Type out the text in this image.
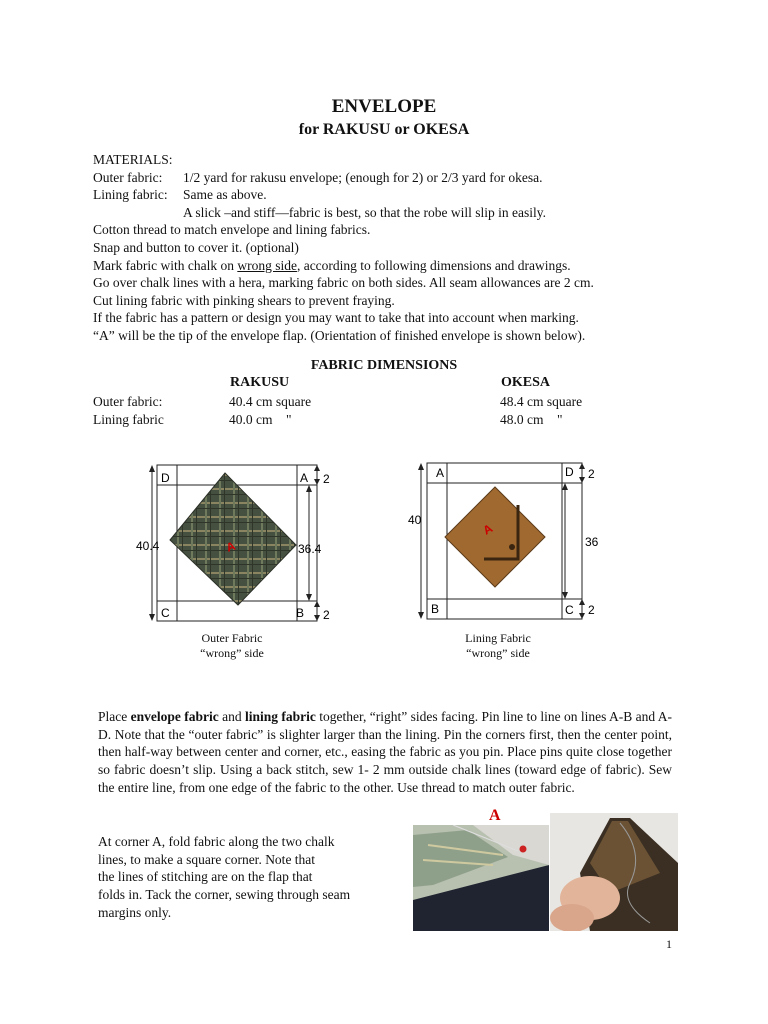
ENVELOPE
for RAKUSU or OKESA
MATERIALS:
Outer fabric: 1/2 yard for rakusu envelope; (enough for 2) or 2/3 yard for okesa.
Lining fabric: Same as above.
A slick –and stiff—fabric is best, so that the robe will slip in easily.
Cotton thread to match envelope and lining fabrics.
Snap and button to cover it. (optional)
Mark fabric with chalk on wrong side, according to following dimensions and drawings.
Go over chalk lines with a hera, marking fabric on both sides. All seam allowances are 2 cm.
Cut lining fabric with pinking shears to prevent fraying.
If the fabric has a pattern or design you may want to take that into account when marking.
“A” will be the tip of the envelope flap. (Orientation of finished envelope is shown below).
FABRIC DIMENSIONS
RAKUSU	OKESA
Outer fabric:	40.4 cm square	48.4 cm square
Lining fabric	40.0 cm    "	48.0 cm    "
A
D	A
C	B
40.4	36.4
2
2
Outer Fabric
“wrong” side
A
A	D
B	C
40
36
2
2
Lining Fabric
“wrong” side
Place envelope fabric and lining fabric together, “right” sides facing. Pin line to line on lines A-B and A-D. Note that the “outer fabric” is slighter larger than the lining. Pin the corners first, then the center point, then half-way between center and corner, etc., easing the fabric as you pin. Place pins quite close together so fabric doesn’t slip. Using a back stitch, sew 1- 2 mm outside chalk lines (toward edge of fabric). Sew the entire line, from one edge of the fabric to the other. Use thread to match outer fabric.
At corner A, fold fabric along the two chalk
lines, to make a square corner. Note that
the lines of stitching are on the flap that
folds in. Tack the corner, sewing through seam
margins only.
A
1
